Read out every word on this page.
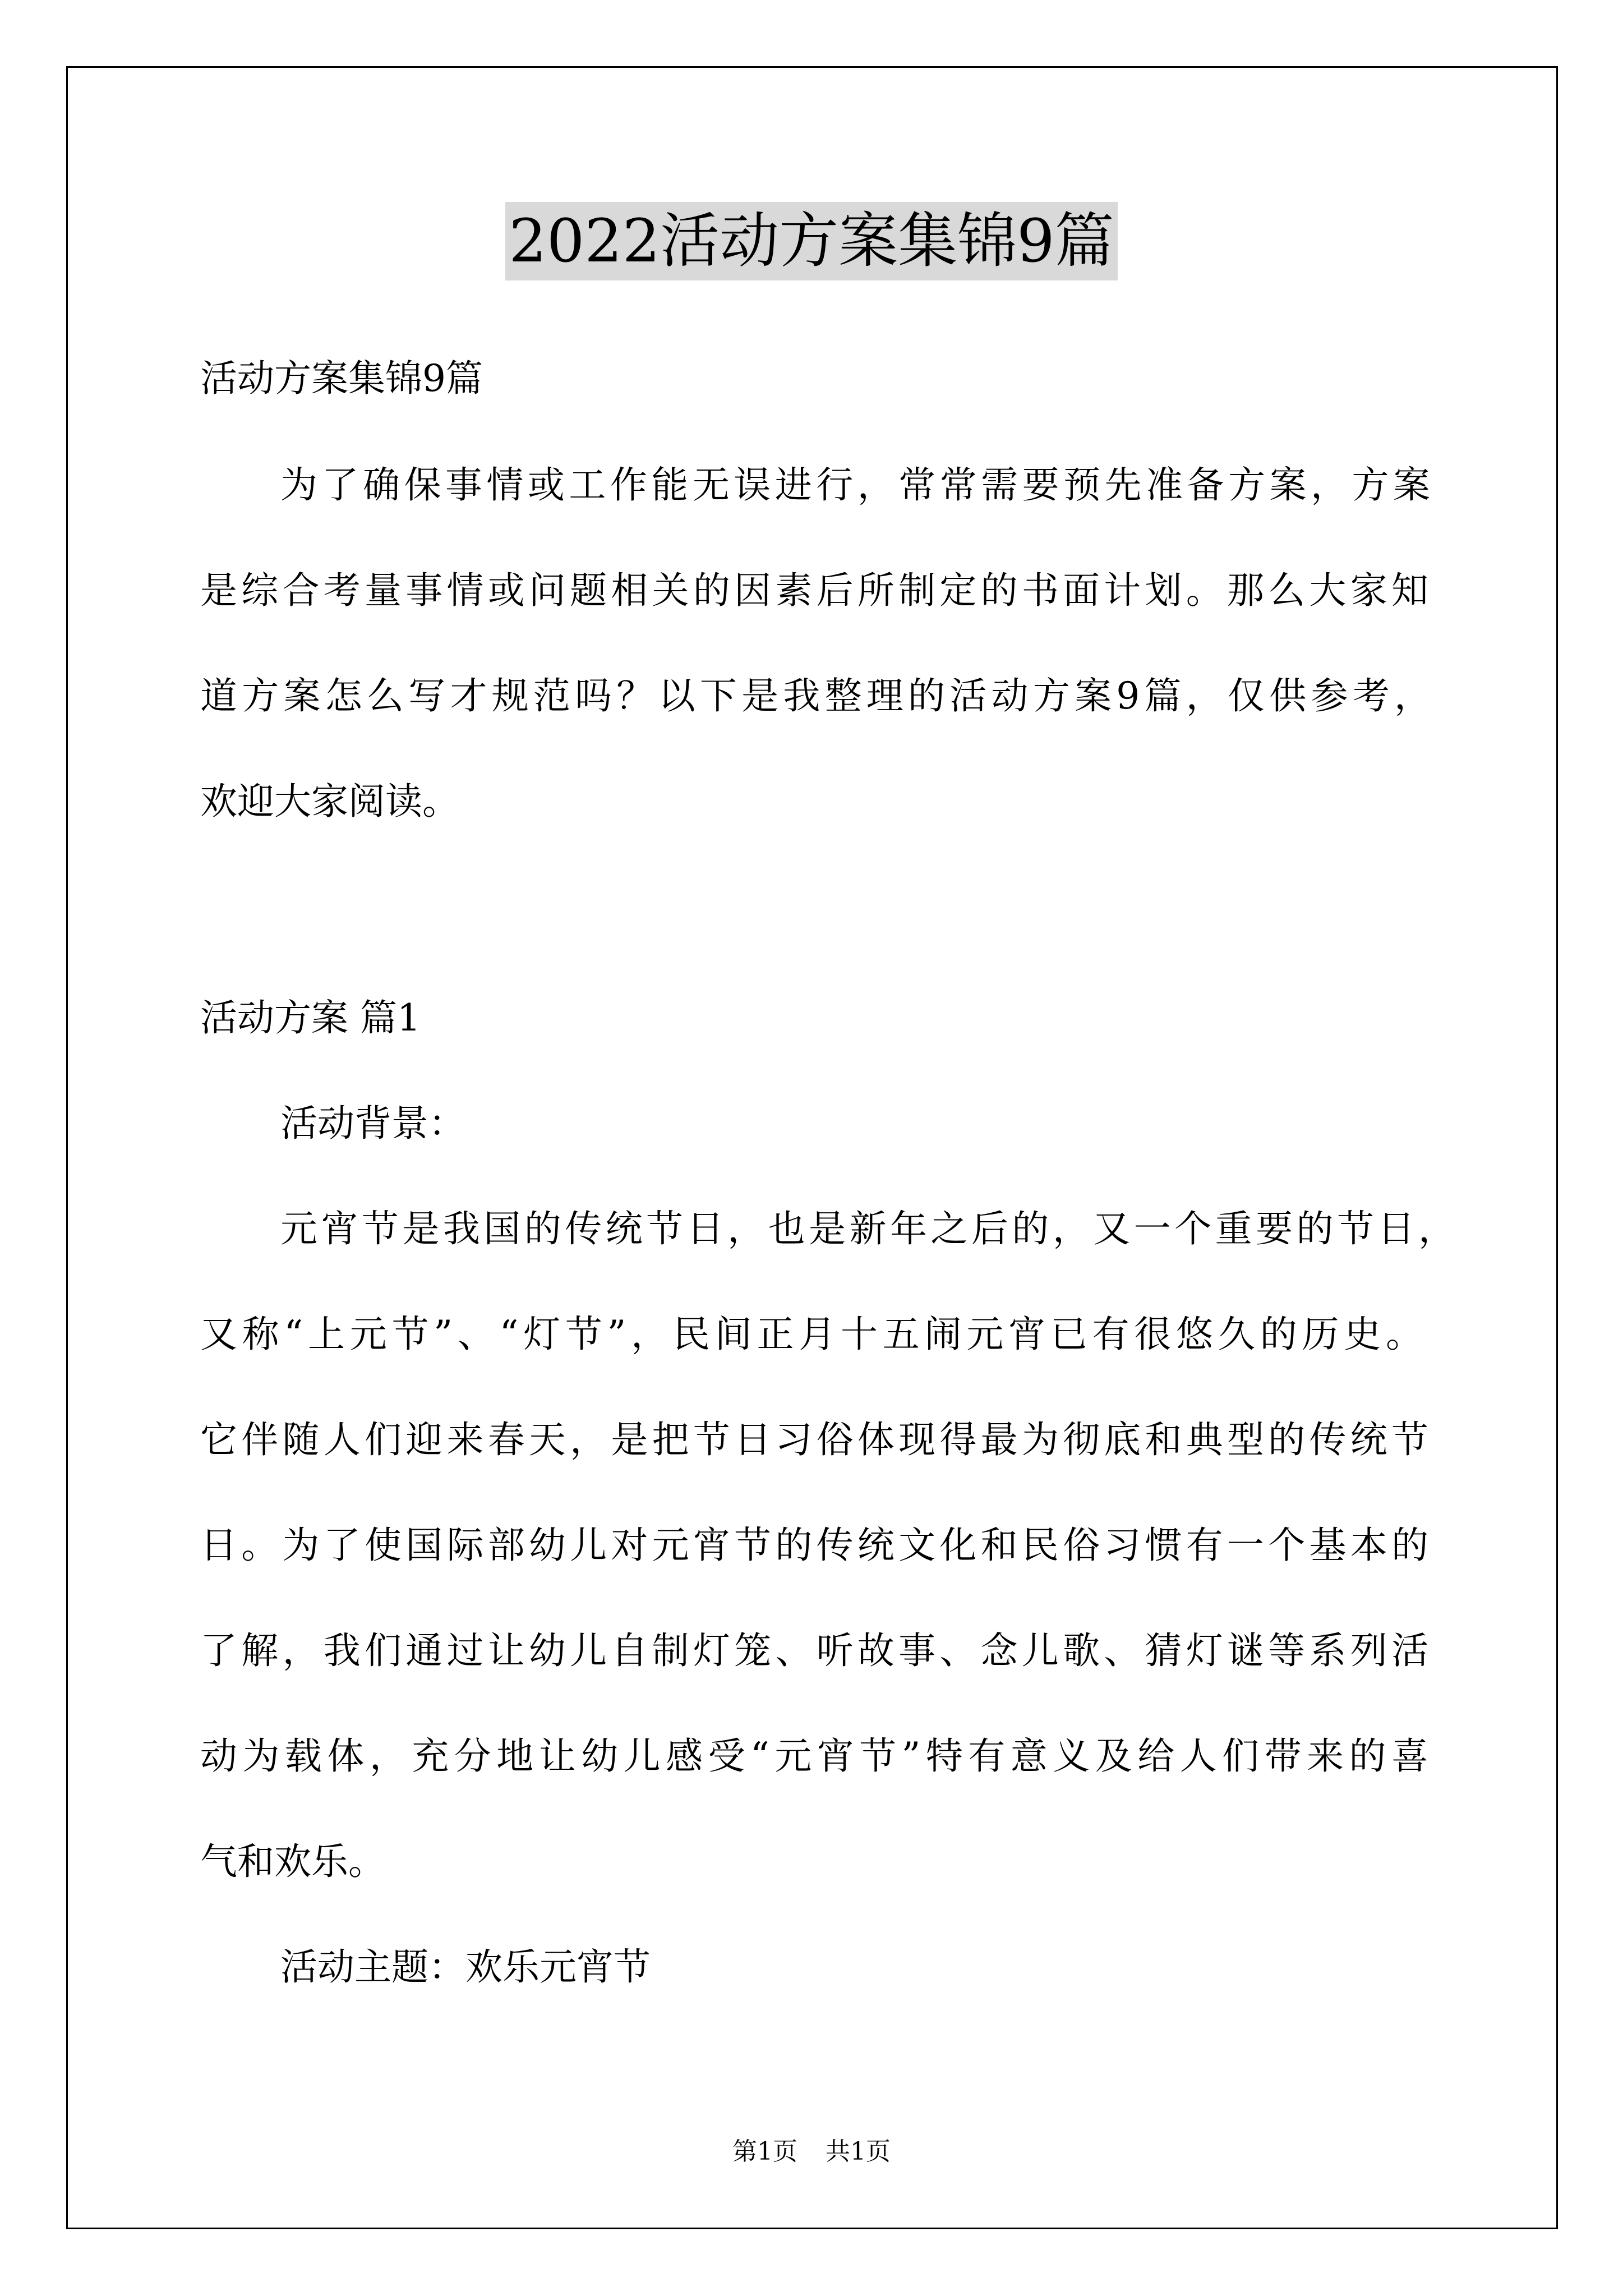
2022活动方案集锦9篇
活动方案集锦9篇
为了确保事情或工作能无误进行，常常需要预先准备方案，方案
是综合考量事情或问题相关的因素后所制定的书面计划。那么大家知
道方案怎么写才规范吗？以下是我整理的活动方案9篇，仅供参考，
欢迎大家阅读。
活动方案 篇1
活动背景：
元宵节是我国的传统节日，也是新年之后的，又一个重要的节日，
又称“上元节”、“灯节”，民间正月十五闹元宵已有很悠久的历史。
它伴随人们迎来春天，是把节日习俗体现得最为彻底和典型的传统节
日。为了使国际部幼儿对元宵节的传统文化和民俗习惯有一个基本的
了解，我们通过让幼儿自制灯笼、听故事、念儿歌、猜灯谜等系列活
动为载体，充分地让幼儿感受“元宵节”特有意义及给人们带来的喜
气和欢乐。
活动主题：欢乐元宵节
第1页 共1页
